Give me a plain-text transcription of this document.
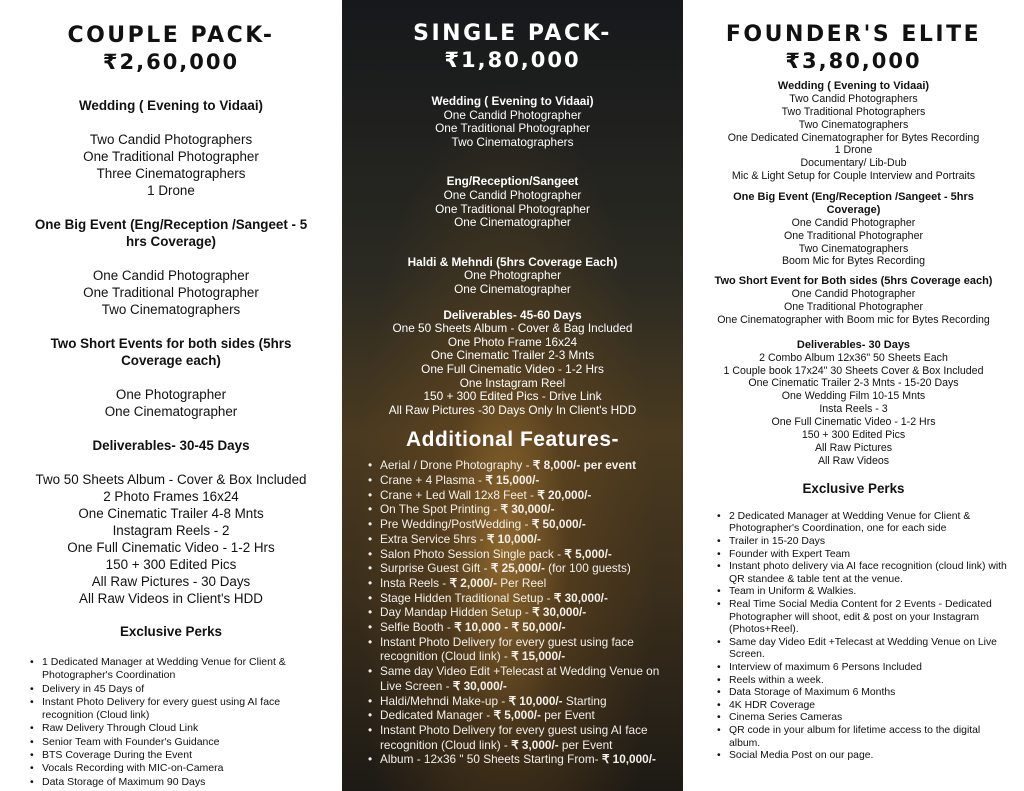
COUPLE PACK-
₹2,60,000
Wedding ( Evening to Vidaai)
Two Candid Photographers
One Traditional Photographer
Three Cinematographers
1 Drone
One Big Event (Eng/Reception /Sangeet - 5
hrs Coverage)
One Candid Photographer
One Traditional Photographer
Two Cinematographers
Two Short Events for both sides (5hrs
Coverage each)
One Photographer
One Cinematographer
Deliverables- 30-45 Days
Two 50 Sheets Album - Cover & Box Included
2 Photo Frames 16x24
One Cinematic Trailer 4-8 Mnts
Instagram Reels - 2
One Full Cinematic Video - 1-2 Hrs
150 + 300 Edited Pics
All Raw Pictures - 30 Days
All Raw Videos in Client's HDD
Exclusive Perks
• 1 Dedicated Manager at Wedding Venue for Client & Photographer's Coordination
• Delivery in 45 Days of
• Instant Photo Delivery for every guest using AI face recognition (Cloud link)
• Raw Delivery Through Cloud Link
• Senior Team with Founder's Guidance
• BTS Coverage During the Event
• Vocals Recording with MIC-on-Camera
• Data Storage of Maximum 90 Days
SINGLE PACK-
₹1,80,000
Wedding ( Evening to Vidaai)
One Candid Photographer
One Traditional Photographer
Two Cinematographers
Eng/Reception/Sangeet
One Candid Photographer
One Traditional Photographer
One Cinematographer
Haldi & Mehndi (5hrs Coverage Each)
One Photographer
One Cinematographer
Deliverables- 45-60 Days
One 50 Sheets Album - Cover & Bag Included
One Photo Frame 16x24
One Cinematic Trailer 2-3 Mnts
One Full Cinematic Video - 1-2 Hrs
One Instagram Reel
150 + 300 Edited Pics - Drive Link
All Raw Pictures -30 Days Only In Client's HDD
Additional Features-
• Aerial / Drone Photography - ₹ 8,000/- per event
• Crane + 4 Plasma - ₹ 15,000/-
• Crane + Led Wall 12x8 Feet - ₹ 20,000/-
• On The Spot Printing - ₹ 30,000/-
• Pre Wedding/PostWedding - ₹ 50,000/-
• Extra Service 5hrs - ₹ 10,000/-
• Salon Photo Session Single pack - ₹ 5,000/-
• Surprise Guest Gift - ₹ 25,000/- (for 100 guests)
• Insta Reels - ₹ 2,000/- Per Reel
• Stage Hidden Traditional Setup - ₹ 30,000/-
• Day Mandap Hidden Setup - ₹ 30,000/-
• Selfie Booth - ₹ 10,000 - ₹ 50,000/-
• Instant Photo Delivery for every guest using face recognition (Cloud link) - ₹ 15,000/-
• Same day Video Edit +Telecast at Wedding Venue on Live Screen - ₹ 30,000/-
• Haldi/Mehndi Make-up - ₹ 10,000/- Starting
• Dedicated Manager - ₹ 5,000/- per Event
• Instant Photo Delivery for every guest using AI face recognition (Cloud link) - ₹ 3,000/- per Event
• Album - 12x36 " 50 Sheets Starting From- ₹ 10,000/-
FOUNDER'S ELITE
₹3,80,000
Wedding ( Evening to Vidaai)
Two Candid Photographers
Two Traditional Photographers
Two Cinematographers
One Dedicated Cinematographer for Bytes Recording
1 Drone
Documentary/ Lib-Dub
Mic & Light Setup for Couple Interview and Portraits
One Big Event (Eng/Reception /Sangeet - 5hrs
Coverage)
One Candid Photographer
One Traditional Photographer
Two Cinematographers
Boom Mic for Bytes Recording
Two Short Event for Both sides (5hrs Coverage each)
One Candid Photographer
One Traditional Photographer
One Cinematographer with Boom mic for Bytes Recording
Deliverables- 30 Days
2 Combo Album 12x36" 50 Sheets Each
1 Couple book 17x24" 30 Sheets Cover & Box Included
One Cinematic Trailer 2-3 Mnts - 15-20 Days
One Wedding Film 10-15 Mnts
Insta Reels - 3
One Full Cinematic Video - 1-2 Hrs
150 + 300 Edited Pics
All Raw Pictures
All Raw Videos
Exclusive Perks
• 2 Dedicated Manager at Wedding Venue for Client & Photographer's Coordination, one for each side
• Trailer in 15-20 Days
• Founder with Expert Team
• Instant photo delivery via AI face recognition (cloud link) with QR standee & table tent at the venue.
• Team in Uniform & Walkies.
• Real Time Social Media Content for 2 Events - Dedicated Photographer will shoot, edit & post on your Instagram (Photos+Reel).
• Same day Video Edit +Telecast at Wedding Venue on Live Screen.
• Interview of maximum 6 Persons Included
• Reels within a week.
• Data Storage of Maximum 6 Months
• 4K HDR Coverage
• Cinema Series Cameras
• QR code in your album for lifetime access to the digital album.
• Social Media Post on our page.
